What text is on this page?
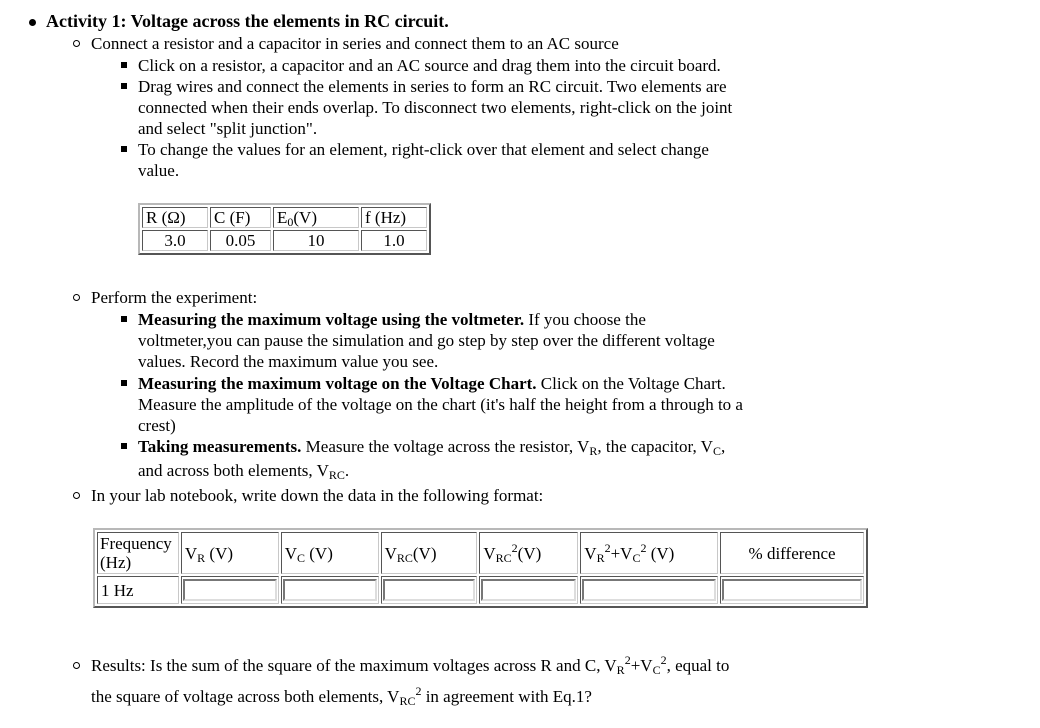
Activity 1: Voltage across the elements in RC circuit.
Connect a resistor and a capacitor in series and connect them to an AC source
Click on a resistor, a capacitor and an AC source and drag them into the circuit board.
Drag wires and connect the elements in series to form an RC circuit. Two elements are
connected when their ends overlap. To disconnect two elements, right-click on the joint
and select "split junction".
To change the values for an element, right-click over that element and select change
value.
R (Ω)	C (F)	$E_0(V)$	f (Hz)
3.0	0.05	10	1.0
Perform the experiment:
Measuring the maximum voltage using the voltmeter. If you choose the
voltmeter,you can pause the simulation and go step by step over the different voltage
values. Record the maximum value you see.
Measuring the maximum voltage on the Voltage Chart. Click on the Voltage Chart.
Measure the amplitude of the voltage on the chart (it's half the height from a through to a
crest)
Taking measurements. Measure the voltage across the resistor, $V_R$, the capacitor, $V_C$,
and across both elements, $V_{RC}$.
In your lab notebook, write down the data in the following format:
Frequency
(Hz)	$V_R$ (V)	$V_C$ (V)	$V_{RC}(V)$	$V_{RC}^2(V)$	$V_R^2+V_C^2$ (V)	% difference
1 Hz	

Results: Is the sum of the square of the maximum voltages across R and C, $V_R^2+V_C^2$, equal to
the square of voltage across both elements, $V_{RC}^2$ in agreement with Eq.1?
